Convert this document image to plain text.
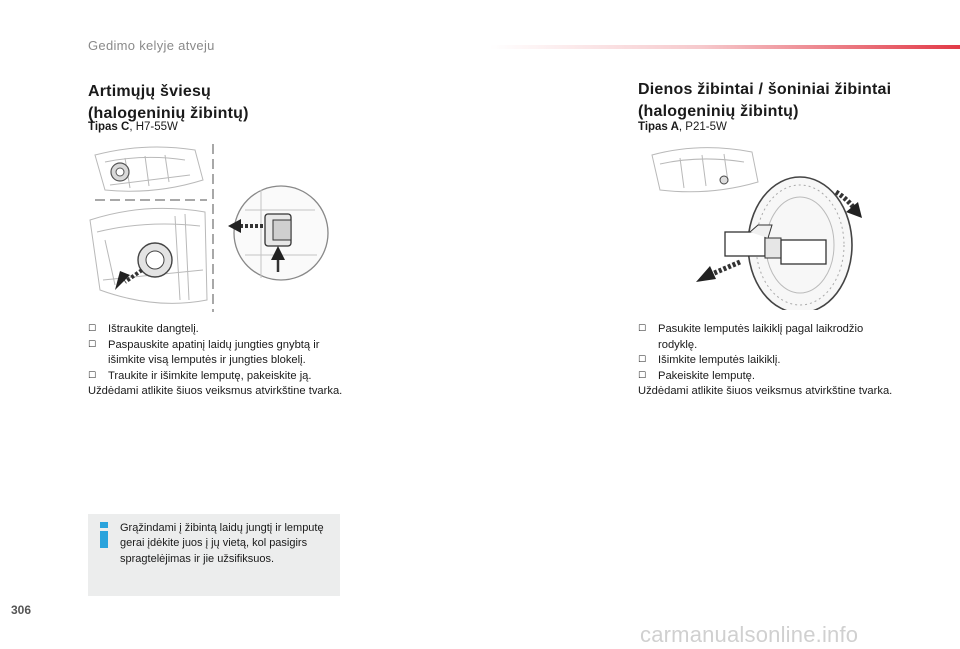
Gedimo kelyje atveju
Artimųjų šviesų
(halogeninių žibintų)
Tipas C, H7-55W
☐ Ištraukite dangtelį.
☐ Paspauskite apatinį laidų jungties gnybtą ir išimkite visą lemputės ir jungties blokelį.
☐ Traukite ir išimkite lemputę, pakeiskite ją.
Uždėdami atlikite šiuos veiksmus atvirkštine tvarka.
Dienos žibintai / šoniniai žibintai
(halogeninių žibintų)
Tipas A, P21-5W
☐ Pasukite lemputės laikiklį pagal laikrodžio rodyklę.
☐ Išimkite lemputės laikiklį.
☐ Pakeiskite lemputę.
Uždėdami atlikite šiuos veiksmus atvirkštine tvarka.
Grąžindami į žibintą laidų jungtį ir lemputę gerai įdėkite juos į jų vietą, kol pasigirs spragtelėjimas ir jie užsifiksuos.
306
carmanualsonline.info
